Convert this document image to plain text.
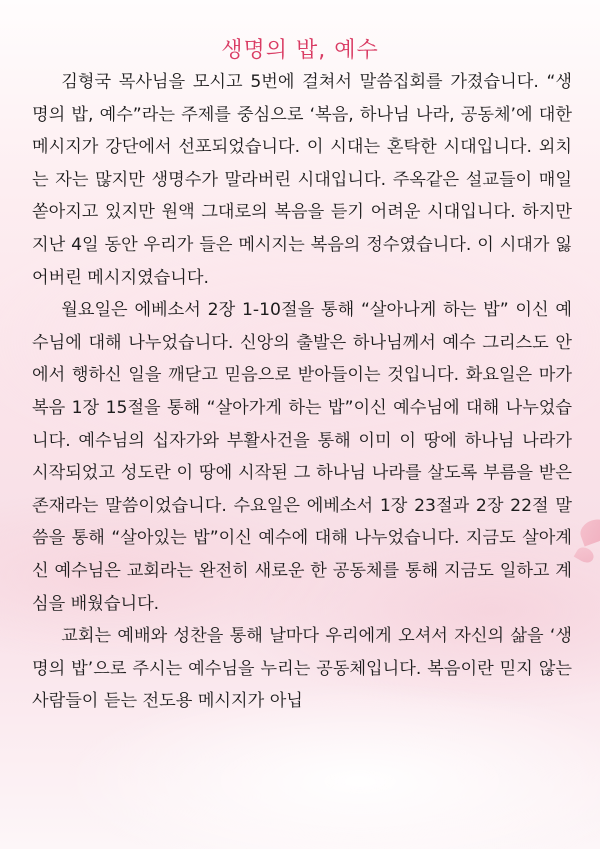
생명의 밥, 예수

김형국 목사님을 모시고 5번에 걸쳐서 말씀집회를 가졌습니다. “생명의 밥, 예수”라는 주제를 중심으로 ‘복음, 하나님 나라, 공동체’에 대한 메시지가 강단에서 선포되었습니다. 이 시대는 혼탁한 시대입니다. 외치는 자는 많지만 생명수가 말라버린 시대입니다. 주옥같은 설교들이 매일 쏟아지고 있지만 원액 그대로의 복음을 듣기 어려운 시대입니다. 하지만 지난 4일 동안 우리가 들은 메시지는 복음의 정수였습니다. 이 시대가 잃어버린 메시지였습니다.

월요일은 에베소서 2장 1-10절을 통해 “살아나게 하는 밥” 이신 예수님에 대해 나누었습니다. 신앙의 출발은 하나님께서 예수 그리스도 안에서 행하신 일을 깨닫고 믿음으로 받아들이는 것입니다. 화요일은 마가복음 1장 15절을 통해 “살아가게 하는 밥”이신 예수님에 대해 나누었습니다. 예수님의 십자가와 부활사건을 통해 이미 이 땅에 하나님 나라가 시작되었고 성도란 이 땅에 시작된 그 하나님 나라를 살도록 부름을 받은 존재라는 말씀이었습니다. 수요일은 에베소서 1장 23절과 2장 22절 말씀을 통해 “살아있는 밥”이신 예수에 대해 나누었습니다. 지금도 살아계신 예수님은 교회라는 완전히 새로운 한 공동체를 통해 지금도 일하고 계심을 배웠습니다.

교회는 예배와 성찬을 통해 날마다 우리에게 오셔서 자신의 삶을 ‘생명의 밥’으로 주시는 예수님을 누리는 공동체입니다. 복음이란 믿지 않는 사람들이 듣는 전도용 메시지가 아닙
